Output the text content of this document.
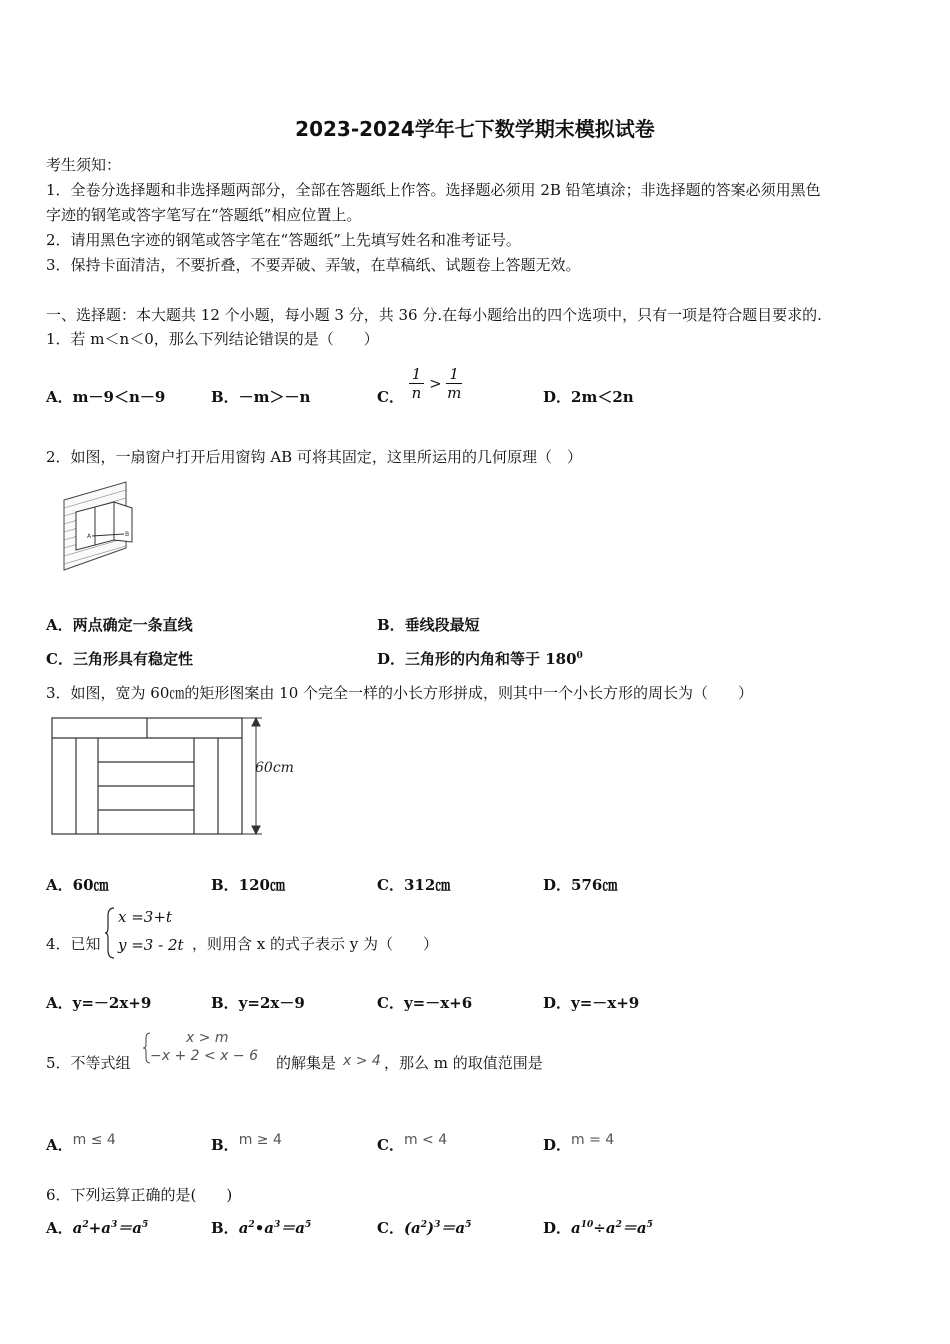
2023-2024学年七下数学期末模拟试卷
考生须知：
1．全卷分选择题和非选择题两部分，全部在答题纸上作答。选择题必须用 2B 铅笔填涂；非选择题的答案必须用黑色
字迹的钢笔或答字笔写在“答题纸”相应位置上。
2．请用黑色字迹的钢笔或答字笔在“答题纸”上先填写姓名和准考证号。
3．保持卡面清洁，不要折叠，不要弄破、弄皱，在草稿纸、试题卷上答题无效。
一、选择题：本大题共 12 个小题，每小题 3 分，共 36 分.在每小题给出的四个选项中，只有一项是符合题目要求的.
1．若 m＜n＜0，那么下列结论错误的是（　　）
A．m－9＜n－9	B．－m＞－n	C． $\frac{1}{n} > \frac{1}{m}$	D．2m＜2n
2．如图，一扇窗户打开后用窗钩 AB 可将其固定，这里所运用的几何原理（　）
A	B
A．两点确定一条直线	B．垂线段最短
C．三角形具有稳定性	D．三角形的内角和等于 $180^0$
3．如图，宽为 60㎝的矩形图案由 10 个完全一样的小长方形拼成，则其中一个小长方形的周长为（　　）
60cm
A．60㎝	B．120㎝	C．312㎝	D．576㎝
4．已知
x =3+t
y =3 - 2t ，则用含 x 的式子表示 y 为（　　）
A．y=－2x+9	B．y=2x－9	C．y=－x+6	D．y=－x+9
5．不等式组
x > m
−x + 2 < x − 6 的解集是 x > 4 ，那么 m 的取值范围是
A．m ≤ 4	B．m ≥ 4	C．m < 4	D．m = 4
6．下列运算正确的是(　　)
A．$a^2+a^3=a^5$	B．$a^2•a^3=a^5$	C．$(a^2)^3=a^5$	D．$a^{10}\div a^2=a^5$
